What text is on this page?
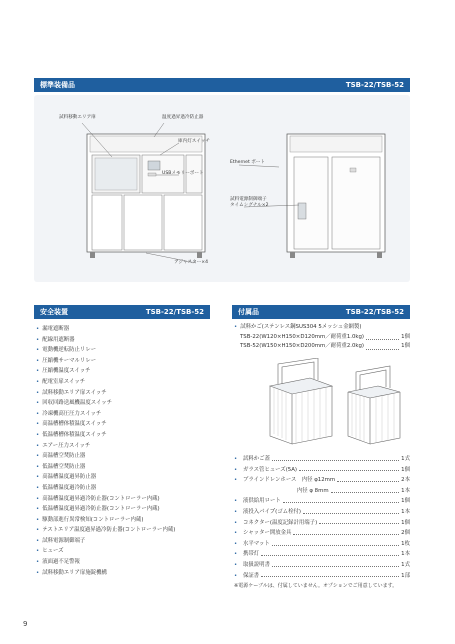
標準装備品	TSB-22/TSB-52
試料移動エリア扉	温度過昇過冷防止器
庫内灯スイッチ
USBメモリーポート
Ethernet ポート
試料電源制御端子
タイムシグナル×2
アジャスター×4
安全装置	TSB-22/TSB-52
• 漏電遮断器
• 配線用遮断器
• 電動機逆転防止リレー
• 圧縮機サーマルリレー
• 圧縮機温度スイッチ
• 配電室扉スイッチ
• 試料移動エリア扉スイッチ
• 回収回路送風機温度スイッチ
• 冷凍機高圧圧力スイッチ
• 高温槽槽体積温度スイッチ
• 低温槽槽体積温度スイッチ
• エアー圧力スイッチ
• 高温槽空焚防止器
• 低温槽空焚防止器
• 高温槽温度過昇防止器
• 低温槽温度過冷防止器
• 高温槽温度過昇過冷防止器(コントローラー内蔵)
• 低温槽温度過昇過冷防止器(コントローラー内蔵)
• 駆動部進行異常検知(コントローラー内蔵)
• テストエリア温度過昇過冷防止器(コントローラー内蔵)
• 試料電源制御端子
• ヒューズ
• 液面過不足警報
• 試料移動エリア扉施錠機構
付属品	TSB-22/TSB-52
• 試料かご(ステンレス鋼SUS304 5メッシュ金網製)
TSB-22(W120×H150×D120mm／耐荷重1.0kg)	1個
TSB-52(W150×H150×D200mm／耐荷重2.0kg)	1個
•	試料かご蓋	1式
•	ガラス管ヒューズ(5A)	1個
•	ブラインドレンホース　内径 φ12mm	2本
　　　　　　　　　　内径 φ 8mm	1本
•	液供給用ロート	1個
•	液投入パイプ(ゴム栓付)	1本
•	コネクター(温度記録計用端子)	1個
•	シャッター開放金具	2個
•	水平マット	1枚
•	携帯灯	1本
•	取扱説明書	1式
•	保証書	1部
※電源ケーブルは、付属していません。オプションでご用意しています。
9
